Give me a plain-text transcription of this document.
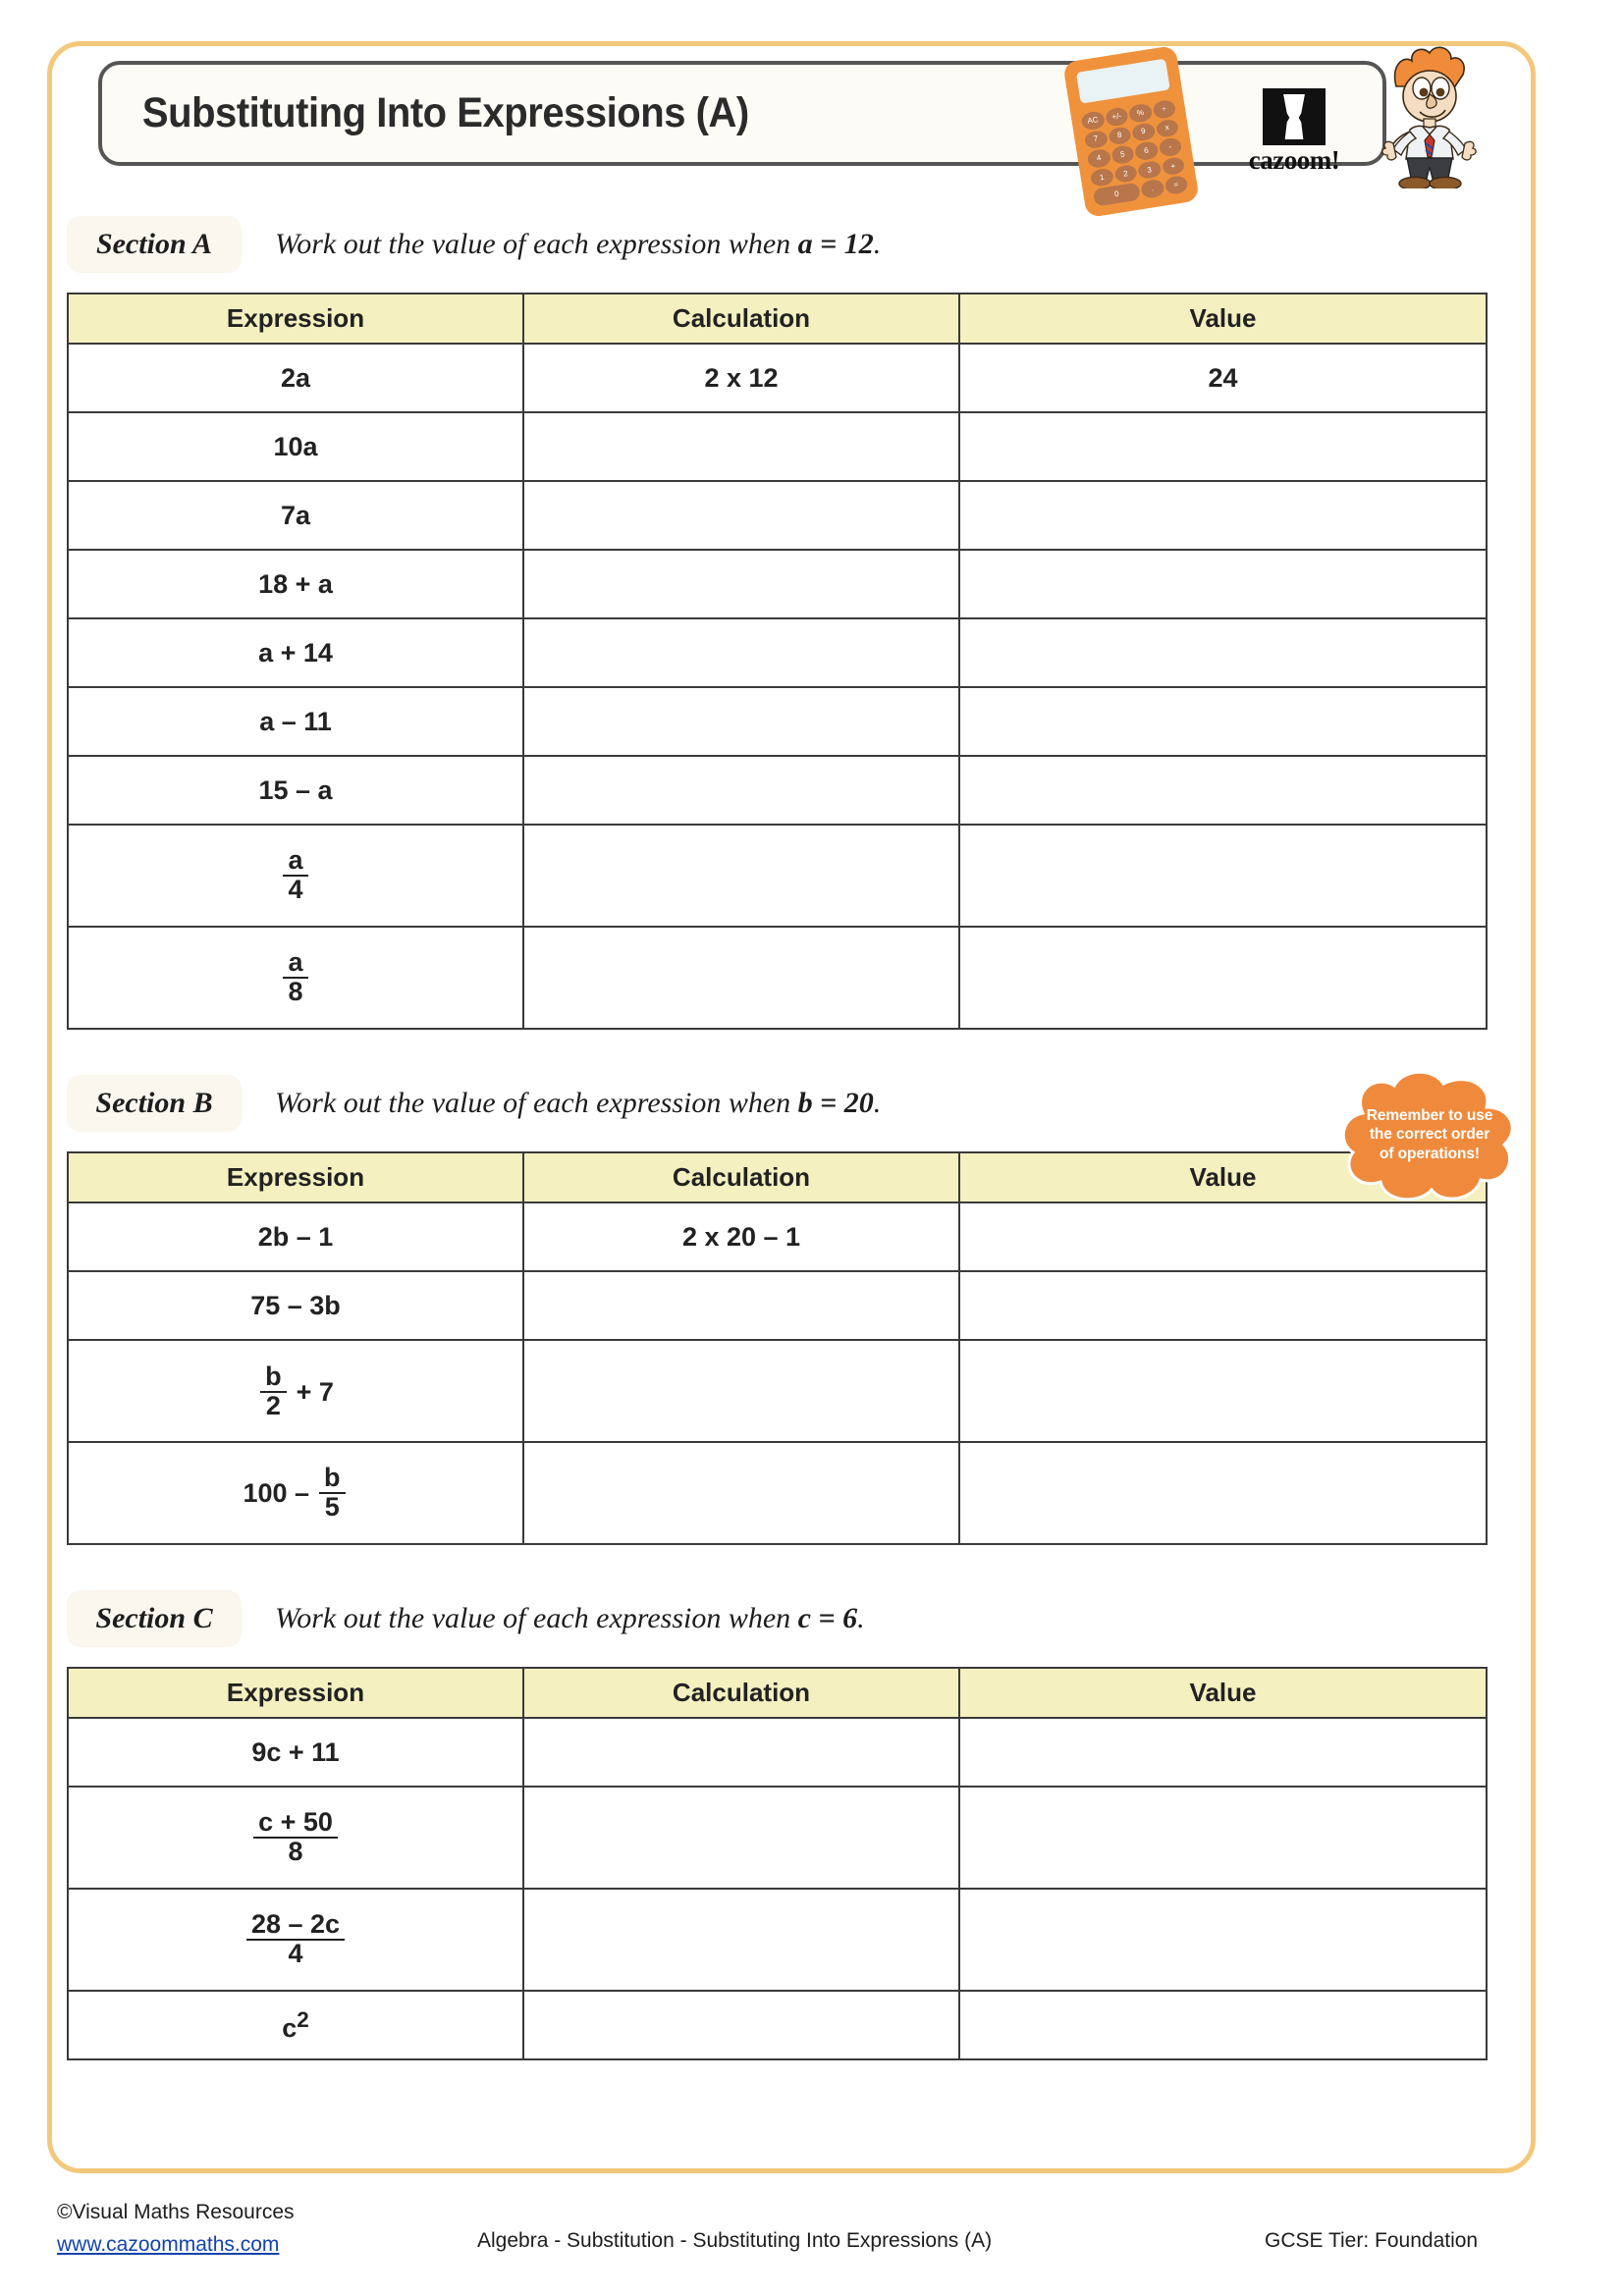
Substituting Into Expressions (A)	AC	+/-	%	÷
7	8	9	x
4	5	6	-
1	2	3	+
0
.	=
cazoom!
Section A	Work out the value of each expression when a = 12.
Expression	Calculation	Value
2a	2 x 12	24
10a		
7a		
18 + a		
a + 14		
a – 11		
15 – a		

$\frac{a}{4}$

$\frac{a}{8}$

Section B	Work out the value of each expression when b = 20.
Expression	Calculation	Value
2b – 1	2 x 20 – 1	
75 – 3b		

$\frac{b}{2} + 7$		

$100 - \frac{b}{5}$

Section C	Work out the value of each expression when c = 6.
Expression	Calculation	Value
9c + 11		

$\frac{c + 50}{8}$

$\frac{28 - 2c}{4}$

$c^2$		
Remember to use
the correct order
of operations!
©Visual Maths Resources
www.cazoommaths.com	Algebra - Substitution - Substituting Into Expressions (A)	GCSE Tier: Foundation
